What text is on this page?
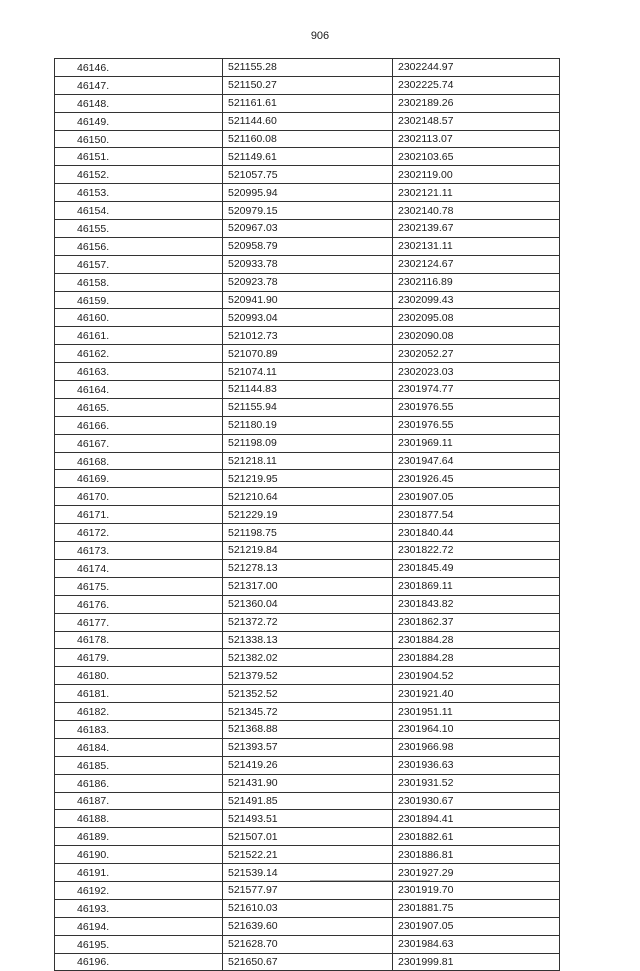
906
46146.	521155.28	2302244.97
46147.	521150.27	2302225.74
46148.	521161.61	2302189.26
46149.	521144.60	2302148.57
46150.	521160.08	2302113.07
46151.	521149.61	2302103.65
46152.	521057.75	2302119.00
46153.	520995.94	2302121.11
46154.	520979.15	2302140.78
46155.	520967.03	2302139.67
46156.	520958.79	2302131.11
46157.	520933.78	2302124.67
46158.	520923.78	2302116.89
46159.	520941.90	2302099.43
46160.	520993.04	2302095.08
46161.	521012.73	2302090.08
46162.	521070.89	2302052.27
46163.	521074.11	2302023.03
46164.	521144.83	2301974.77
46165.	521155.94	2301976.55
46166.	521180.19	2301976.55
46167.	521198.09	2301969.11
46168.	521218.11	2301947.64
46169.	521219.95	2301926.45
46170.	521210.64	2301907.05
46171.	521229.19	2301877.54
46172.	521198.75	2301840.44
46173.	521219.84	2301822.72
46174.	521278.13	2301845.49
46175.	521317.00	2301869.11
46176.	521360.04	2301843.82
46177.	521372.72	2301862.37
46178.	521338.13	2301884.28
46179.	521382.02	2301884.28
46180.	521379.52	2301904.52
46181.	521352.52	2301921.40
46182.	521345.72	2301951.11
46183.	521368.88	2301964.10
46184.	521393.57	2301966.98
46185.	521419.26	2301936.63
46186.	521431.90	2301931.52
46187.	521491.85	2301930.67
46188.	521493.51	2301894.41
46189.	521507.01	2301882.61
46190.	521522.21	2301886.81
46191.	521539.14	2301927.29
46192.	521577.97	2301919.70
46193.	521610.03	2301881.75
46194.	521639.60	2301907.05
46195.	521628.70	2301984.63
46196.	521650.67	2301999.81
